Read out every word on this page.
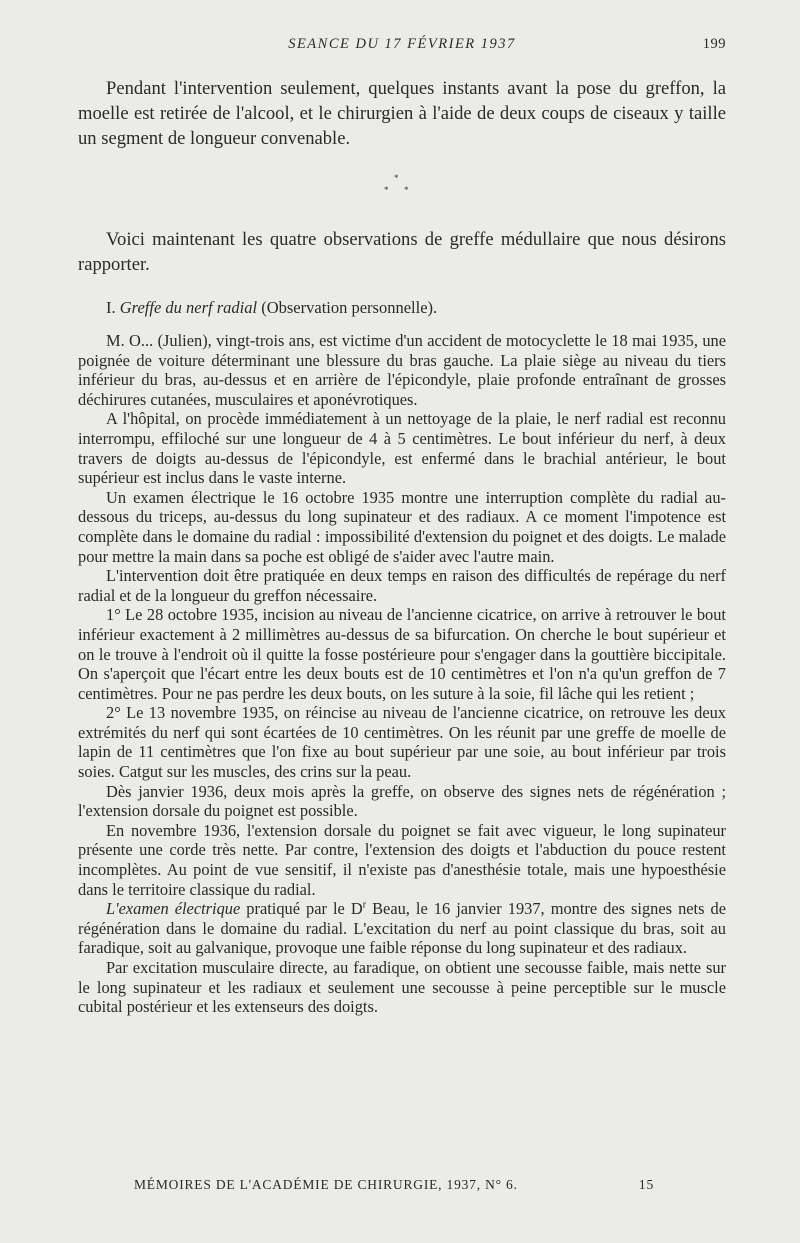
SEANCE DU 17 FÉVRIER 1937	199

Pendant l'intervention seulement, quelques instants avant la pose du greffon, la moelle est retirée de l'alcool, et le chirurgien à l'aide de deux coups de ciseaux y taille un segment de longueur convenable.

*
* *

Voici maintenant les quatre observations de greffe médullaire que nous désirons rapporter.

I. Greffe du nerf radial (Observation personnelle).

M. O... (Julien), vingt-trois ans, est victime d'un accident de motocyclette le 18 mai 1935, une poignée de voiture déterminant une blessure du bras gauche. La plaie siège au niveau du tiers inférieur du bras, au-dessus et en arrière de l'épicondyle, plaie profonde entraînant de grosses déchirures cutanées, musculaires et aponévrotiques.

A l'hôpital, on procède immédiatement à un nettoyage de la plaie, le nerf radial est reconnu interrompu, effiloché sur une longueur de 4 à 5 centimètres. Le bout inférieur du nerf, à deux travers de doigts au-dessus de l'épicondyle, est enfermé dans le brachial antérieur, le bout supérieur est inclus dans le vaste interne.

Un examen électrique le 16 octobre 1935 montre une interruption complète du radial au-dessous du triceps, au-dessus du long supinateur et des radiaux. A ce moment l'impotence est complète dans le domaine du radial : impossibilité d'extension du poignet et des doigts. Le malade pour mettre la main dans sa poche est obligé de s'aider avec l'autre main.

L'intervention doit être pratiquée en deux temps en raison des difficultés de repérage du nerf radial et de la longueur du greffon nécessaire.

1° Le 28 octobre 1935, incision au niveau de l'ancienne cicatrice, on arrive à retrouver le bout inférieur exactement à 2 millimètres au-dessus de sa bifurcation. On cherche le bout supérieur et on le trouve à l'endroit où il quitte la fosse postérieure pour s'engager dans la gouttière biccipitale. On s'aperçoit que l'écart entre les deux bouts est de 10 centimètres et l'on n'a qu'un greffon de 7 centimètres. Pour ne pas perdre les deux bouts, on les suture à la soie, fil lâche qui les retient ;

2° Le 13 novembre 1935, on réincise au niveau de l'ancienne cicatrice, on retrouve les deux extrémités du nerf qui sont écartées de 10 centimètres. On les réunit par une greffe de moelle de lapin de 11 centimètres que l'on fixe au bout supérieur par une soie, au bout inférieur par trois soies. Catgut sur les muscles, des crins sur la peau.

Dès janvier 1936, deux mois après la greffe, on observe des signes nets de régénération ; l'extension dorsale du poignet est possible.

En novembre 1936, l'extension dorsale du poignet se fait avec vigueur, le long supinateur présente une corde très nette. Par contre, l'extension des doigts et l'abduction du pouce restent incomplètes. Au point de vue sensitif, il n'existe pas d'anesthésie totale, mais une hypoesthésie dans le territoire classique du radial.

L'examen électrique pratiqué par le $D^r$ Beau, le 16 janvier 1937, montre des signes nets de régénération dans le domaine du radial. L'excitation du nerf au point classique du bras, soit au faradique, soit au galvanique, provoque une faible réponse du long supinateur et des radiaux.

Par excitation musculaire directe, au faradique, on obtient une secousse faible, mais nette sur le long supinateur et les radiaux et seulement une secousse à peine perceptible sur le muscle cubital postérieur et les extenseurs des doigts.

MÉMOIRES DE L'ACADÉMIE DE CHIRURGIE, 1937, N° 6.	15
